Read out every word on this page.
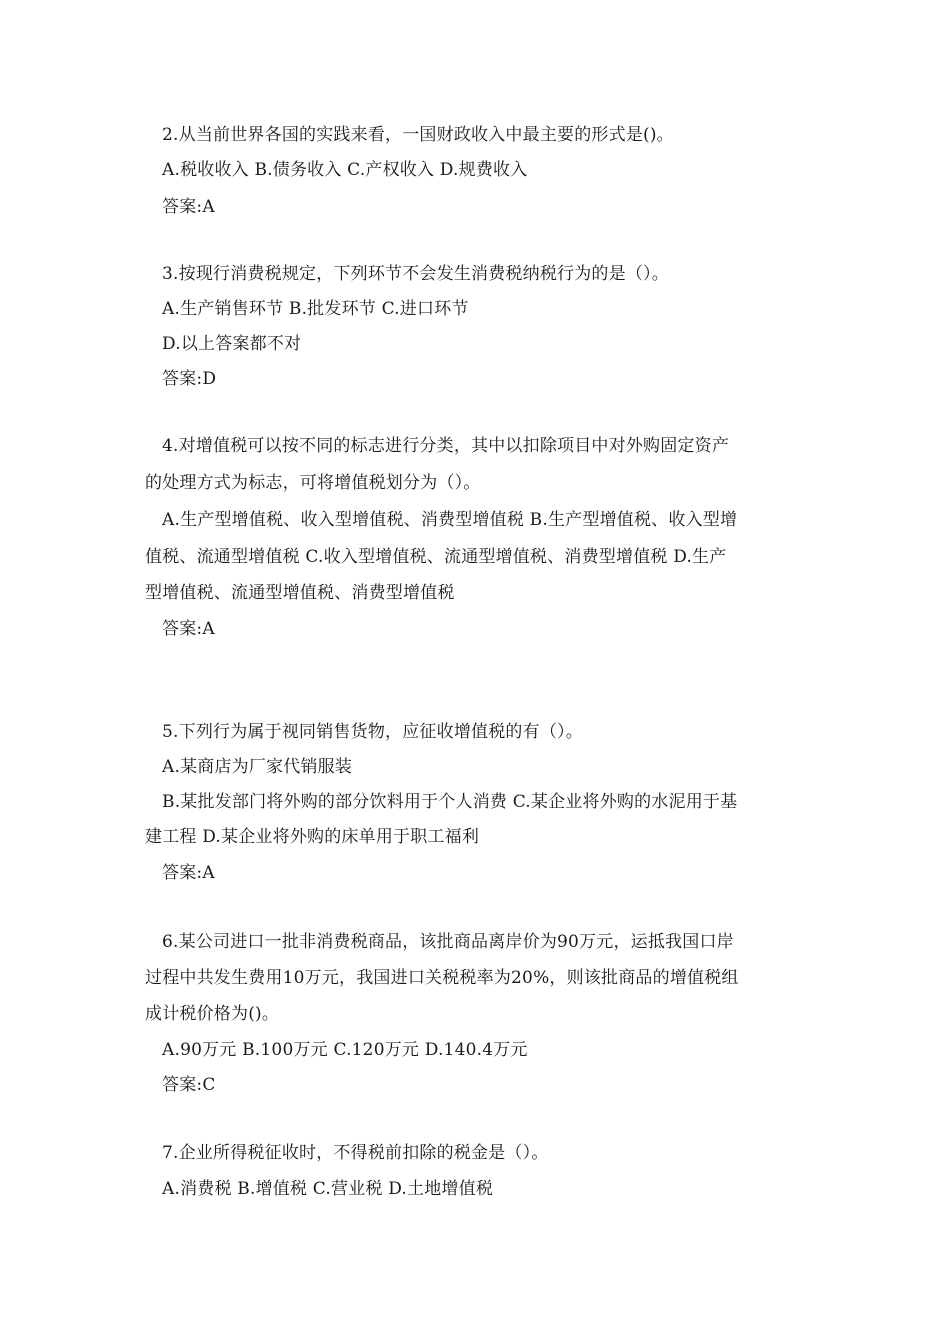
2.从当前世界各国的实践来看，一国财政收入中最主要的形式是()。
A.税收收入 B.债务收入 C.产权收入 D.规费收入
答案:A
3.按现行消费税规定，下列环节不会发生消费税纳税行为的是（）。
A.生产销售环节 B.批发环节 C.进口环节
D.以上答案都不对
答案:D
4.对增值税可以按不同的标志进行分类，其中以扣除项目中对外购固定资产
的处理方式为标志，可将增值税划分为（）。
A.生产型增值税、收入型增值税、消费型增值税 B.生产型增值税、收入型增
值税、流通型增值税 C.收入型增值税、流通型增值税、消费型增值税 D.生产
型增值税、流通型增值税、消费型增值税
答案:A
5.下列行为属于视同销售货物，应征收增值税的有（）。
A.某商店为厂家代销服装
B.某批发部门将外购的部分饮料用于个人消费 C.某企业将外购的水泥用于基
建工程 D.某企业将外购的床单用于职工福利
答案:A
6.某公司进口一批非消费税商品，该批商品离岸价为90万元，运抵我国口岸
过程中共发生费用10万元，我国进口关税税率为20%，则该批商品的增值税组
成计税价格为()。
A.90万元 B.100万元 C.120万元 D.140.4万元
答案:C
7.企业所得税征收时，不得税前扣除的税金是（）。
A.消费税 B.增值税 C.营业税 D.土地增值税
